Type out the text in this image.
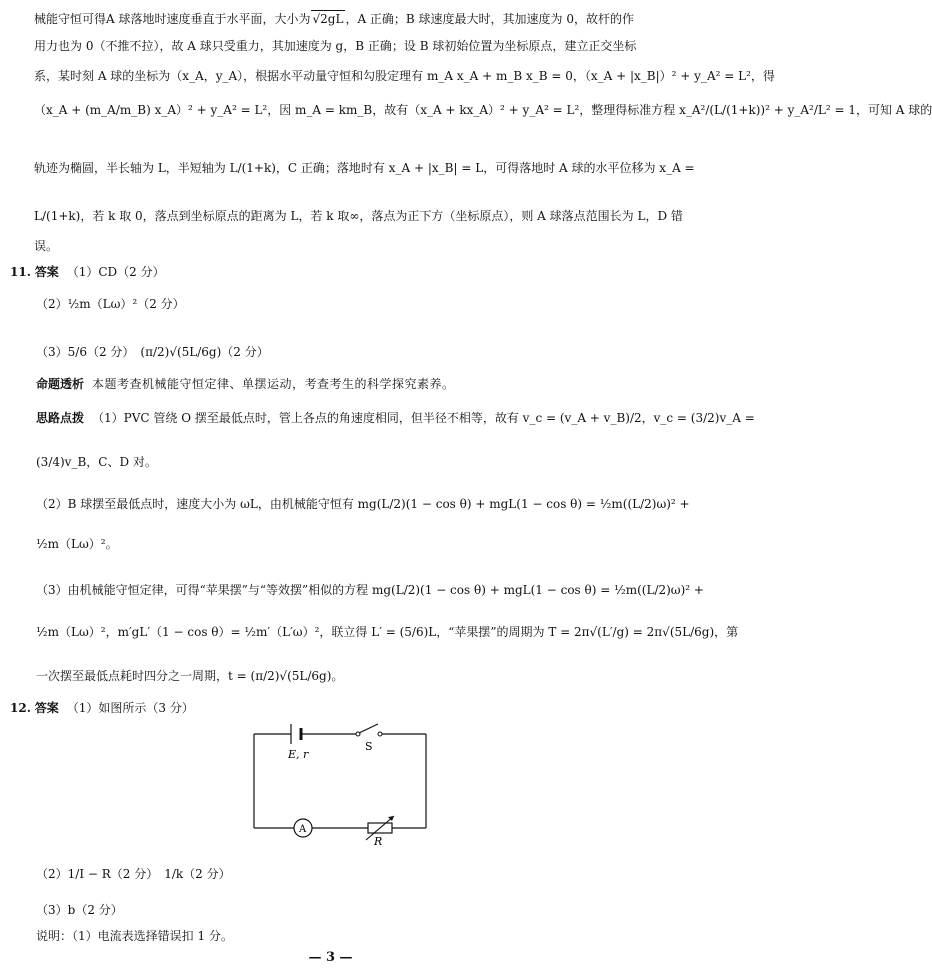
械能守恒可得A 球落地时速度垂直于水平面，大小为 √2gL ，A 正确；B 球速度最大时，其加速度为 0，故杆的作
用力也为 0（不推不拉），故 A 球只受重力，其加速度为 g，B 正确；设 B 球初始位置为坐标原点，建立正交坐标
系，某时刻 A 球的坐标为（x_A，y_A），根据水平动量守恒和勾股定理有 m_A x_A + m_B x_B = 0，（x_A + |x_B|）² + y_A² = L²，得
（x_A + (m_A/m_B) x_A）² + y_A² = L²，因 m_A = km_B，故有（x_A + kx_A）² + y_A² = L²，整理得标准方程 x_A²/(L/(1+k))² + y_A²/L² = 1，可知 A 球的
轨迹为椭圆，半长轴为 L，半短轴为 L/(1+k)，C 正确；落地时有 x_A + |x_B| = L，可得落地时 A 球的水平位移为 x_A =
L/(1+k)，若 k 取 0，落点到坐标原点的距离为 L，若 k 取∞，落点为正下方（坐标原点），则 A 球落点范围长为 L，D 错
误。
11. 答案 （1）CD（2 分）
（2）½m（Lω）²（2 分）
（3）5/6（2 分）　(π/2)√(5L/6g)（2 分）
命题透析 本题考查机械能守恒定律、单摆运动，考查考生的科学探究素养。
思路点拨 （1）PVC 管绕 O 摆至最低点时，管上各点的角速度相同，但半径不相等，故有 v_c = (v_A + v_B)/2，v_c = (3/2)v_A =
(3/4)v_B，C、D 对。
（2）B 球摆至最低点时，速度大小为 ωL，由机械能守恒有 mg(L/2)(1 − cos θ) + mgL(1 − cos θ) = ½m((L/2)ω)² +
½m（Lω）²。
（3）由机械能守恒定律，可得“苹果摆”与“等效摆”相似的方程 mg(L/2)(1 − cos θ) + mgL(1 − cos θ) = ½m((L/2)ω)² +
½m（Lω）²，m′gL′（1 − cos θ）= ½m′（L′ω）²，联立得 L′ = (5/6)L，“苹果摆”的周期为 T = 2π√(L′/g) = 2π√(5L/6g)，第
一次摆至最低点耗时四分之一周期，t = (π/2)√(5L/6g)。
12. 答案 （1）如图所示（3 分）
E, r
S
A
R
（2）1/I − R（2 分）　1/k（2 分）
（3）b（2 分）
说明：（1）电流表选择错误扣 1 分。
— 3 —
